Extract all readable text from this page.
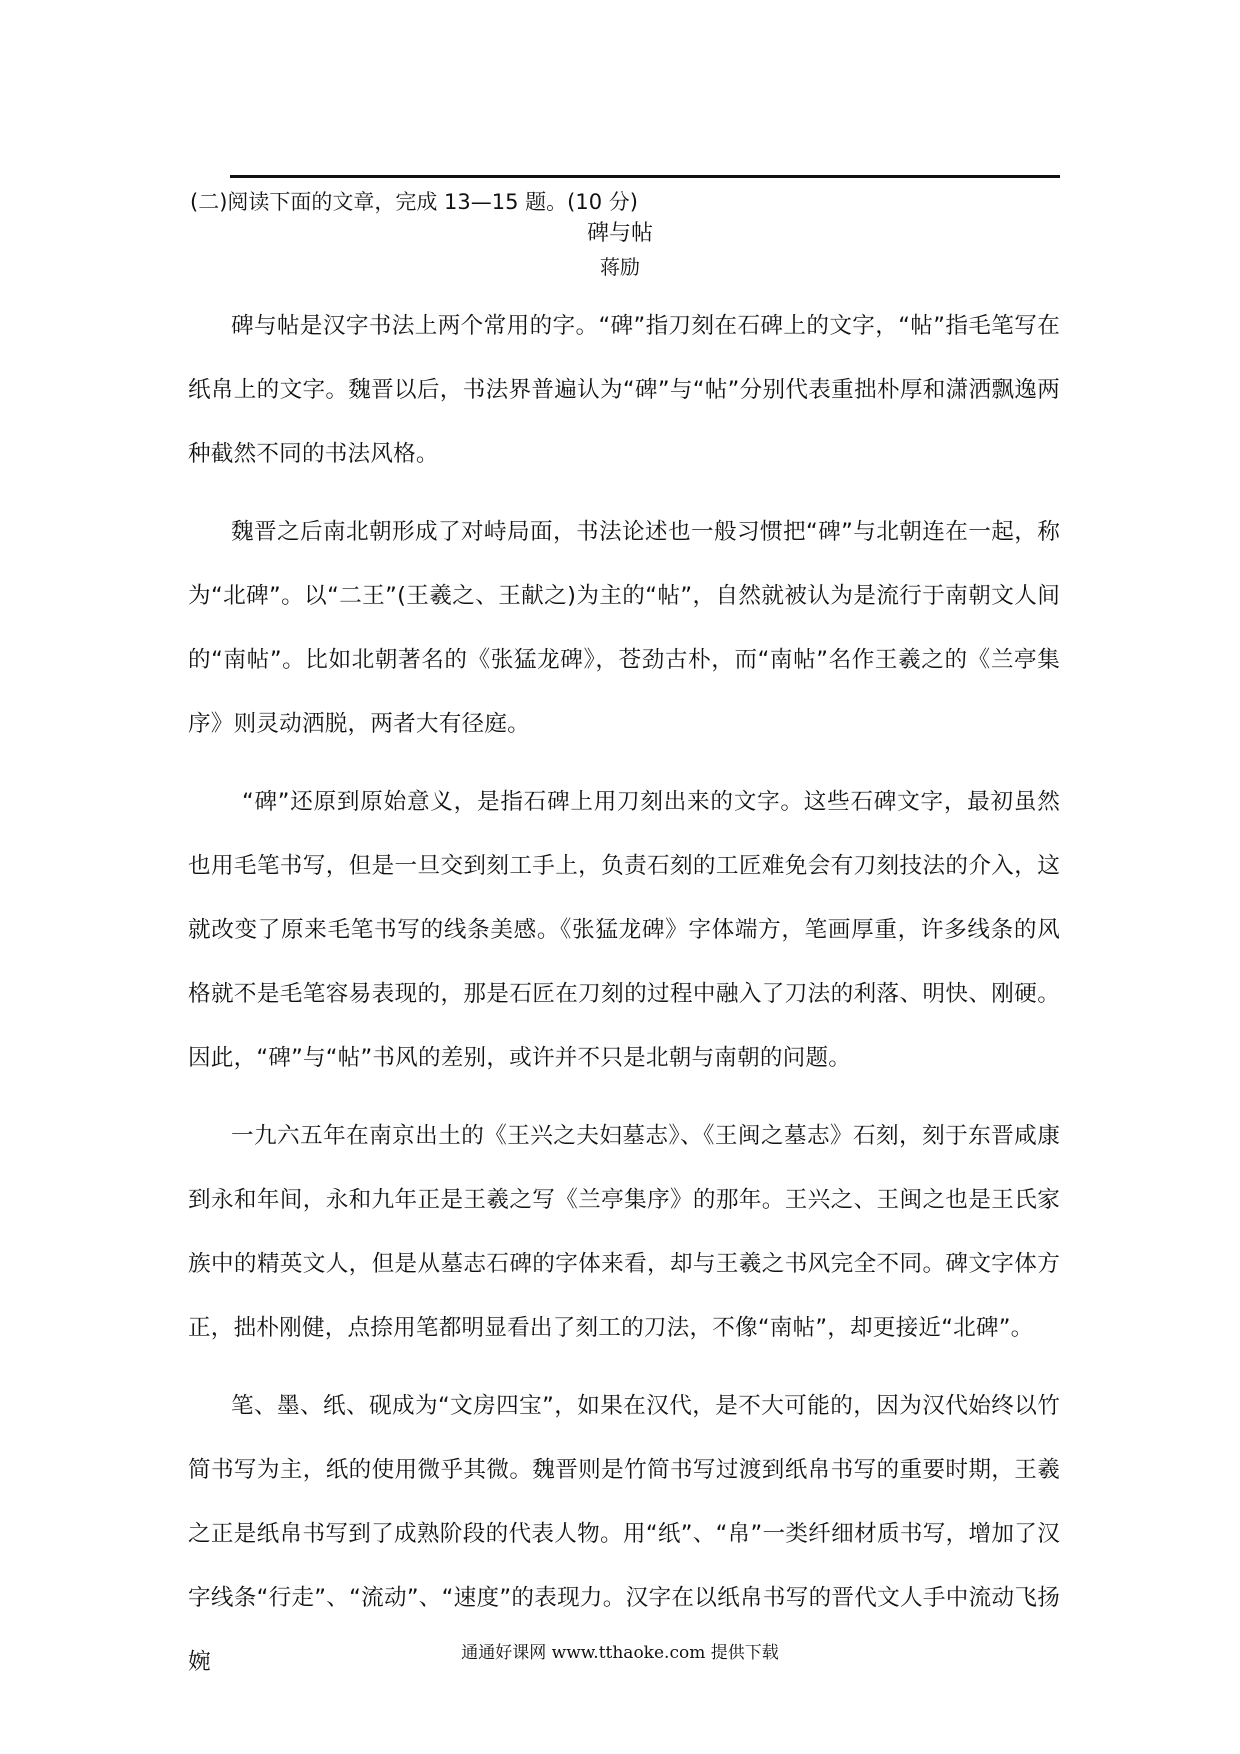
(二)阅读下面的文章，完成 13—15 题。(10 分)
碑与帖
蒋励

碑与帖是汉字书法上两个常用的字。“碑”指刀刻在石碑上的文字，“帖”指毛笔写在纸帛上的文字。魏晋以后，书法界普遍认为“碑”与“帖”分别代表重拙朴厚和潇洒飘逸两种截然不同的书法风格。

魏晋之后南北朝形成了对峙局面，书法论述也一般习惯把“碑”与北朝连在一起，称为“北碑”。以“二王”(王羲之、王献之)为主的“帖”，自然就被认为是流行于南朝文人间的“南帖”。比如北朝著名的《张猛龙碑》，苍劲古朴，而“南帖”名作王羲之的《兰亭集序》则灵动洒脱，两者大有径庭。

“碑”还原到原始意义，是指石碑上用刀刻出来的文字。这些石碑文字，最初虽然也用毛笔书写，但是一旦交到刻工手上，负责石刻的工匠难免会有刀刻技法的介入，这就改变了原来毛笔书写的线条美感。《张猛龙碑》字体端方，笔画厚重，许多线条的风格就不是毛笔容易表现的，那是石匠在刀刻的过程中融入了刀法的利落、明快、刚硬。因此，“碑”与“帖”书风的差别，或许并不只是北朝与南朝的问题。

一九六五年在南京出土的《王兴之夫妇墓志》、《王闽之墓志》石刻，刻于东晋咸康到永和年间，永和九年正是王羲之写《兰亭集序》的那年。王兴之、王闽之也是王氏家族中的精英文人，但是从墓志石碑的字体来看，却与王羲之书风完全不同。碑文字体方正，拙朴刚健，点捺用笔都明显看出了刻工的刀法，不像“南帖”，却更接近“北碑”。

笔、墨、纸、砚成为“文房四宝”，如果在汉代，是不大可能的，因为汉代始终以竹简书写为主，纸的使用微乎其微。魏晋则是竹简书写过渡到纸帛书写的重要时期，王羲之正是纸帛书写到了成熟阶段的代表人物。用“纸”、“帛”一类纤细材质书写，增加了汉字线条“行走”、“流动”、“速度”的表现力。汉字在以纸帛书写的晋代文人手中流动飞扬婉	通通好课网 www.tthaoke.com 提供下载
